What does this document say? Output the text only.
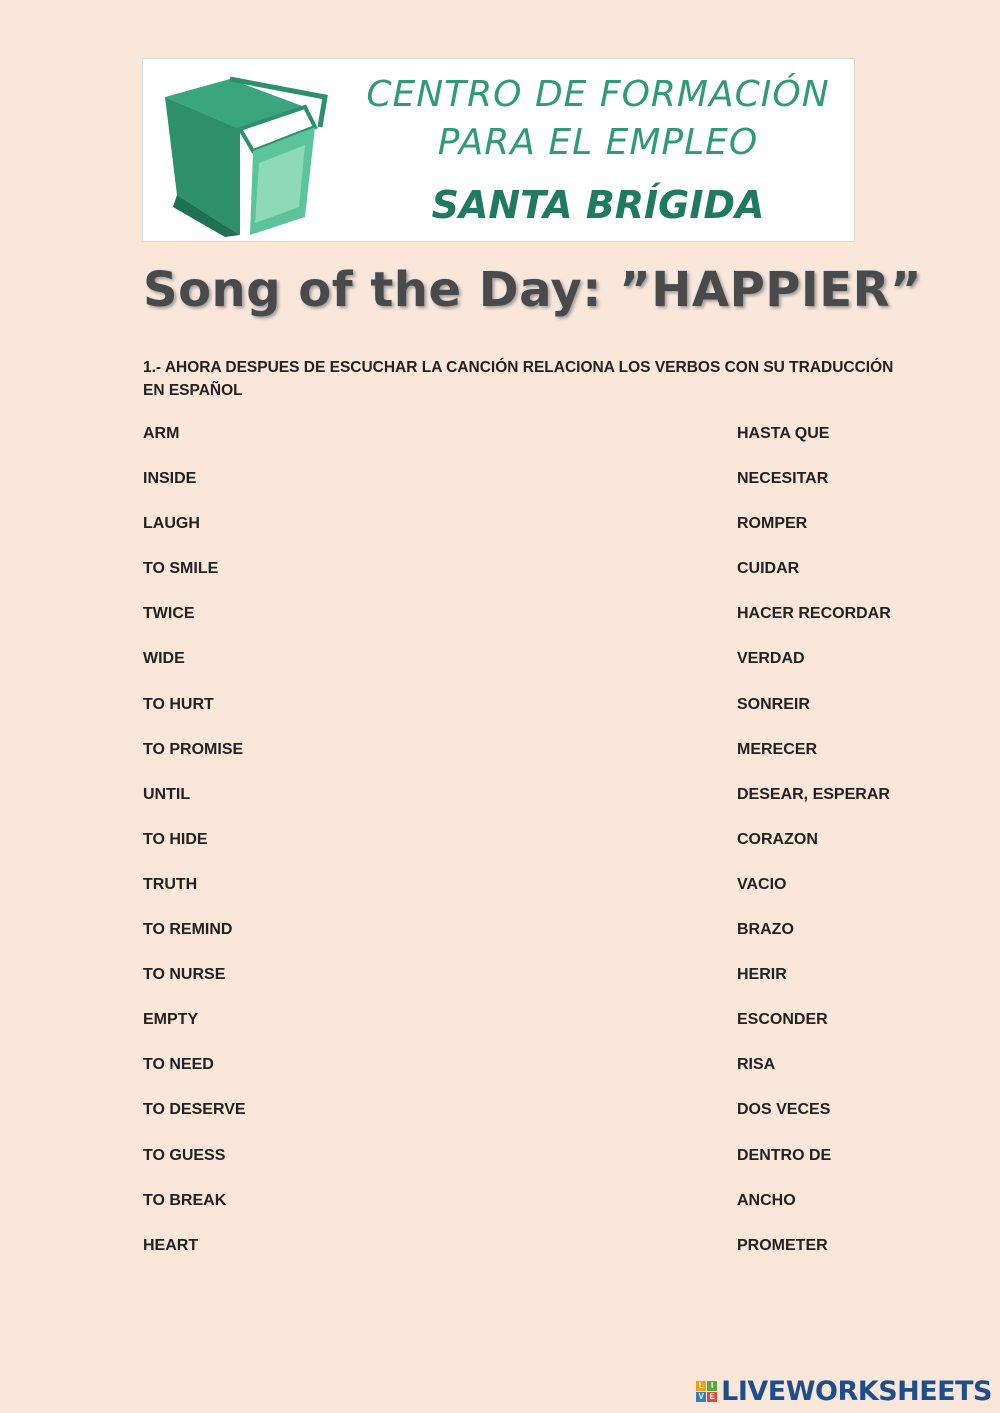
CENTRO DE FORMACIÓN
PARA EL EMPLEO
SANTA BRÍGIDA
Song of the Day: ”HAPPIER”
1.- AHORA DESPUES DE ESCUCHAR LA CANCIÓN RELACIONA LOS VERBOS CON SU TRADUCCIÓN EN ESPAÑOL
ARM
INSIDE
LAUGH
TO SMILE
TWICE
WIDE
TO HURT
TO PROMISE
UNTIL
TO HIDE
TRUTH
TO REMIND
TO NURSE
EMPTY
TO NEED
TO DESERVE
TO GUESS
TO BREAK
HEART
HASTA QUE
NECESITAR
ROMPER
CUIDAR
HACER RECORDAR
VERDAD
SONREIR
MERECER
DESEAR, ESPERAR
CORAZON
VACIO
BRAZO
HERIR
ESCONDER
RISA
DOS VECES
DENTRO DE
ANCHO
PROMETER
L I
V E LIVEWORKSHEETS
